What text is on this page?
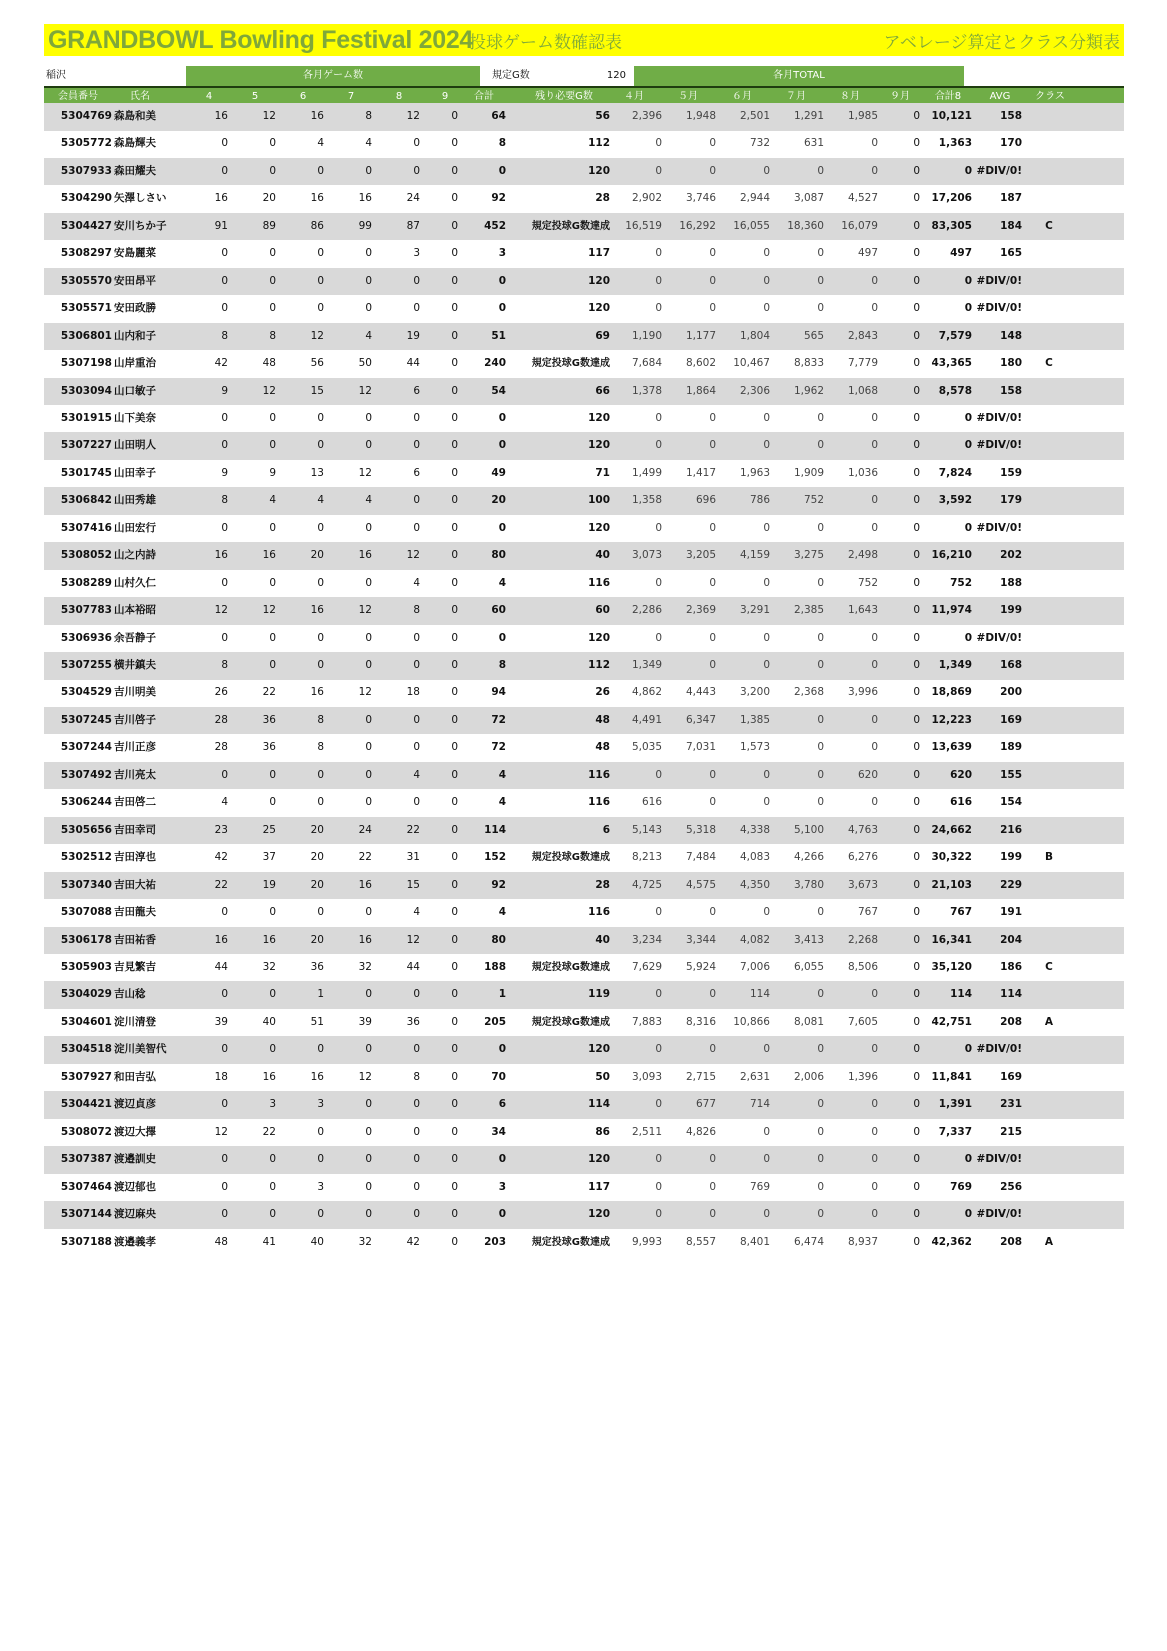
GRANDBOWL Bowling Festival 2024
投球ゲーム数確認表	アベレージ算定とクラス分類表
稲沢	各月ゲーム数	規定G数	120	各月TOTAL
会員番号	氏名	4	5	6	7	8	9	合計	残り必要G数	４月	５月	６月	７月	８月	９月	合計8	AVG	クラス
5304769 森島和美	16	12	16	8	12	0	64	56	2,396	1,948	2,501	1,291	1,985	0	10,121	158
5305772 森島輝夫	0	0	4	4	0	0	8	112	0	0	732	631	0	0	1,363	170
5307933 森田耀夫	0	0	0	0	0	0	0	120	0	0	0	0	0	0	0 #DIV/0!
5304290 矢澤しさい	16	20	16	16	24	0	92	28	2,902	3,746	2,944	3,087	4,527	0	17,206	187
5304427 安川ちか子	91	89	86	99	87	0	452	規定投球G数達成	16,519	16,292	16,055	18,360	16,079	0	83,305	184	C
5308297 安島麗菜	0	0	0	0	3	0	3	117	0	0	0	0	497	0	497	165
5305570 安田昂平	0	0	0	0	0	0	0	120	0	0	0	0	0	0	0 #DIV/0!
5305571 安田政勝	0	0	0	0	0	0	0	120	0	0	0	0	0	0	0 #DIV/0!
5306801 山内和子	8	8	12	4	19	0	51	69	1,190	1,177	1,804	565	2,843	0	7,579	148
5307198 山岸重治	42	48	56	50	44	0	240	規定投球G数達成	7,684	8,602	10,467	8,833	7,779	0	43,365	180	C
5303094 山口敏子	9	12	15	12	6	0	54	66	1,378	1,864	2,306	1,962	1,068	0	8,578	158
5301915 山下美奈	0	0	0	0	0	0	0	120	0	0	0	0	0	0	0 #DIV/0!
5307227 山田明人	0	0	0	0	0	0	0	120	0	0	0	0	0	0	0 #DIV/0!
5301745 山田幸子	9	9	13	12	6	0	49	71	1,499	1,417	1,963	1,909	1,036	0	7,824	159
5306842 山田秀雄	8	4	4	4	0	0	20	100	1,358	696	786	752	0	0	3,592	179
5307416 山田宏行	0	0	0	0	0	0	0	120	0	0	0	0	0	0	0 #DIV/0!
5308052 山之内詩	16	16	20	16	12	0	80	40	3,073	3,205	4,159	3,275	2,498	0	16,210	202
5308289 山村久仁	0	0	0	0	4	0	4	116	0	0	0	0	752	0	752	188
5307783 山本裕昭	12	12	16	12	8	0	60	60	2,286	2,369	3,291	2,385	1,643	0	11,974	199
5306936 余吾静子	0	0	0	0	0	0	0	120	0	0	0	0	0	0	0 #DIV/0!
5307255 横井鎮夫	8	0	0	0	0	0	8	112	1,349	0	0	0	0	0	1,349	168
5304529 吉川明美	26	22	16	12	18	0	94	26	4,862	4,443	3,200	2,368	3,996	0	18,869	200
5307245 吉川啓子	28	36	8	0	0	0	72	48	4,491	6,347	1,385	0	0	0	12,223	169
5307244 吉川正彦	28	36	8	0	0	0	72	48	5,035	7,031	1,573	0	0	0	13,639	189
5307492 吉川亮太	0	0	0	0	4	0	4	116	0	0	0	0	620	0	620	155
5306244 吉田啓二	4	0	0	0	0	0	4	116	616	0	0	0	0	0	616	154
5305656 吉田幸司	23	25	20	24	22	0	114	6	5,143	5,318	4,338	5,100	4,763	0	24,662	216
5302512 吉田淳也	42	37	20	22	31	0	152	規定投球G数達成	8,213	7,484	4,083	4,266	6,276	0	30,322	199	B
5307340 吉田大祐	22	19	20	16	15	0	92	28	4,725	4,575	4,350	3,780	3,673	0	21,103	229
5307088 吉田龍夫	0	0	0	0	4	0	4	116	0	0	0	0	767	0	767	191
5306178 吉田祐香	16	16	20	16	12	0	80	40	3,234	3,344	4,082	3,413	2,268	0	16,341	204
5305903 吉見繁吉	44	32	36	32	44	0	188	規定投球G数達成	7,629	5,924	7,006	6,055	8,506	0	35,120	186	C
5304029 吉山稔	0	0	1	0	0	0	1	119	0	0	114	0	0	0	114	114
5304601 淀川清登	39	40	51	39	36	0	205	規定投球G数達成	7,883	8,316	10,866	8,081	7,605	0	42,751	208	A
5304518 淀川美智代	0	0	0	0	0	0	0	120	0	0	0	0	0	0	0 #DIV/0!
5307927 和田吉弘	18	16	16	12	8	0	70	50	3,093	2,715	2,631	2,006	1,396	0	11,841	169
5304421 渡辺貞彦	0	3	3	0	0	0	6	114	0	677	714	0	0	0	1,391	231
5308072 渡辺大擇	12	22	0	0	0	0	34	86	2,511	4,826	0	0	0	0	7,337	215
5307387 渡邉訓史	0	0	0	0	0	0	0	120	0	0	0	0	0	0	0 #DIV/0!
5307464 渡辺郁也	0	0	3	0	0	0	3	117	0	0	769	0	0	0	769	256
5307144 渡辺麻央	0	0	0	0	0	0	0	120	0	0	0	0	0	0	0 #DIV/0!
5307188 渡邉義孝	48	41	40	32	42	0	203	規定投球G数達成	9,993	8,557	8,401	6,474	8,937	0	42,362	208	A
